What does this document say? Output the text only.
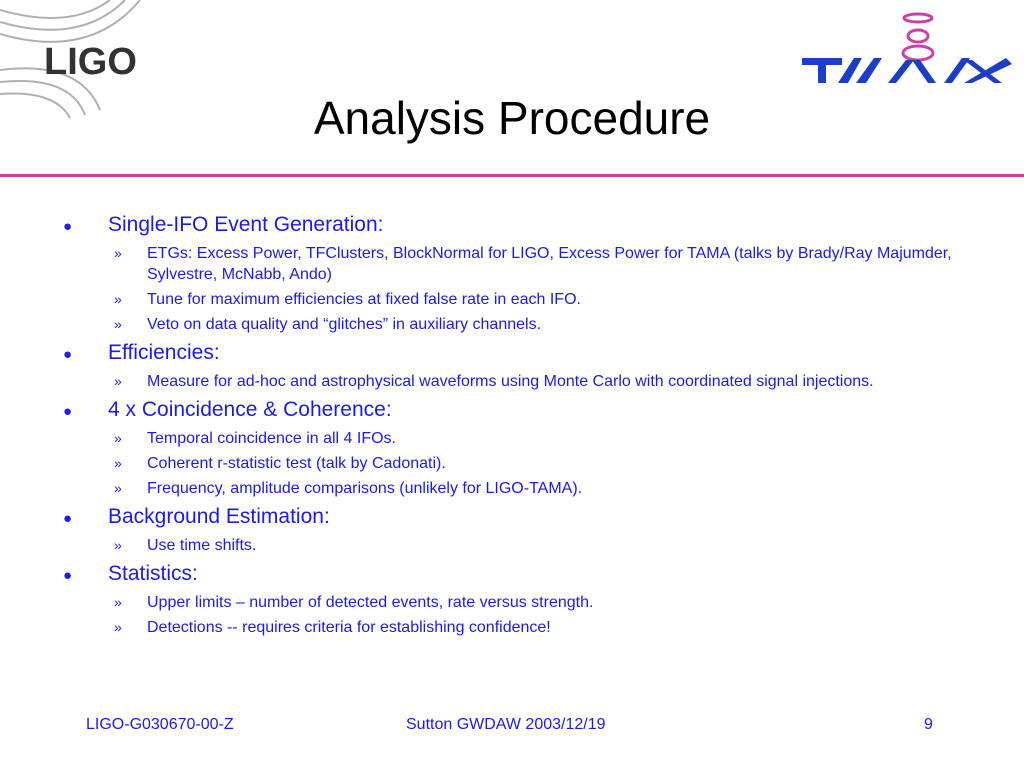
LIGO
Analysis Procedure
●	Single-IFO Event Generation:
»	ETGs: Excess Power, TFClusters, BlockNormal for LIGO, Excess Power for TAMA (talks by Brady/Ray Majumder, Sylvestre, McNabb, Ando)
»	Tune for maximum efficiencies at fixed false rate in each IFO.
»	Veto on data quality and “glitches” in auxiliary channels.
●	Efficiencies:
»	Measure for ad-hoc and astrophysical waveforms using Monte Carlo with coordinated signal injections.
●	4 x Coincidence & Coherence:
»	Temporal coincidence in all 4 IFOs.
»	Coherent r-statistic test (talk by Cadonati).
»	Frequency, amplitude comparisons (unlikely for LIGO-TAMA).
●	Background Estimation:
»	Use time shifts.
●	Statistics:
»	Upper limits – number of detected events, rate versus strength.
»	Detections -- requires criteria for establishing confidence!
LIGO-G030670-00-Z	Sutton GWDAW 2003/12/19	9
